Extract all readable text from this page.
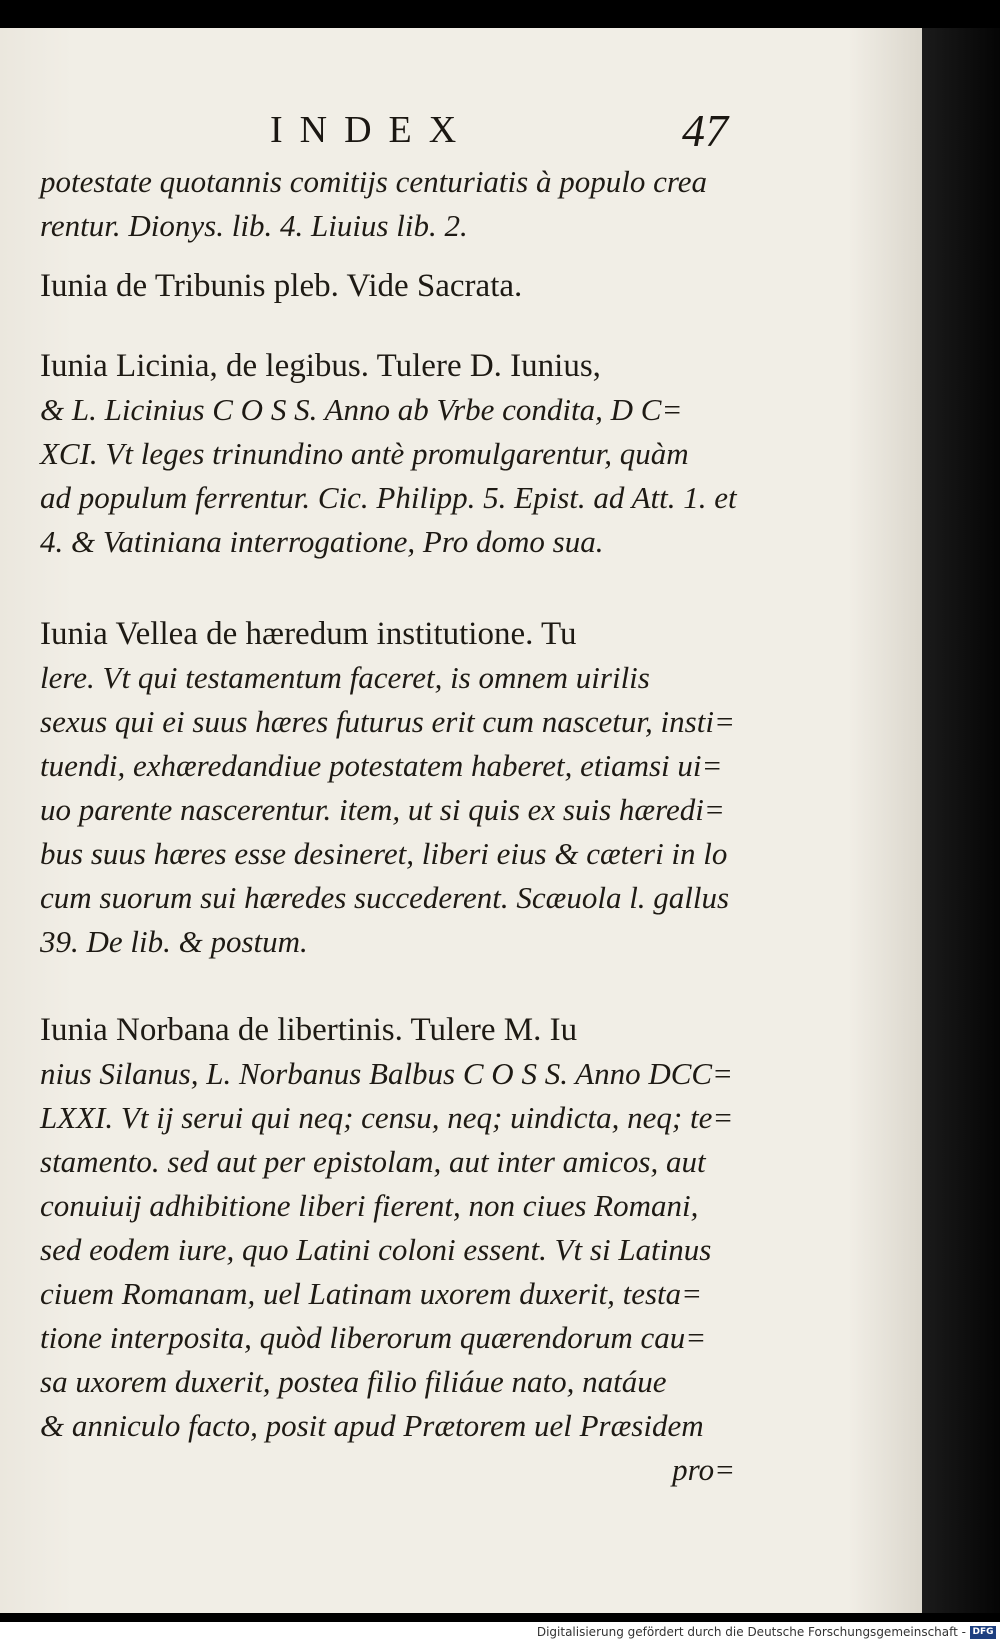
INDEX	47
potestate quotannis comitijs centuriatis à populo crea
rentur. Dionys. lib. 4. Liuius lib. 2.
Iunia de Tribunis pleb. Vide Sacrata.
Iunia Licinia, de legibus. Tulere D. Iunius,
& L. Licinius C O S S. Anno ab Vrbe condita, D C=
XCI. Vt leges trinundino antè promulgarentur, quàm
ad populum ferrentur. Cic. Philipp. 5. Epist. ad Att. 1. et
4. & Vatiniana interrogatione, Pro domo sua.
Iunia Vellea de hæredum institutione. Tu
lere. Vt qui testamentum faceret, is omnem uirilis
sexus qui ei suus hæres futurus erit cum nascetur, insti=
tuendi, exhæredandiue potestatem haberet, etiamsi ui=
uo parente nascerentur. item, ut si quis ex suis hæredi=
bus suus hæres esse desineret, liberi eius & cæteri in lo
cum suorum sui hæredes succederent. Scæuola l. gallus
39. De lib. & postum.
Iunia Norbana de libertinis. Tulere M. Iu
nius Silanus, L. Norbanus Balbus C O S S. Anno DCC=
LXXI. Vt ij serui qui neq; censu, neq; uindicta, neq; te=
stamento. sed aut per epistolam, aut inter amicos, aut
conuiuij adhibitione liberi fierent, non ciues Romani,
sed eodem iure, quo Latini coloni essent. Vt si Latinus
ciuem Romanam, uel Latinam uxorem duxerit, testa=
tione interposita, quòd liberorum quærendorum cau=
sa uxorem duxerit, postea filio filiáue nato, natáue
& anniculo facto, posit apud Prætorem uel Præsidem
pro=
Digitalisierung gefördert durch die Deutsche Forschungsgemeinschaft - DFG
